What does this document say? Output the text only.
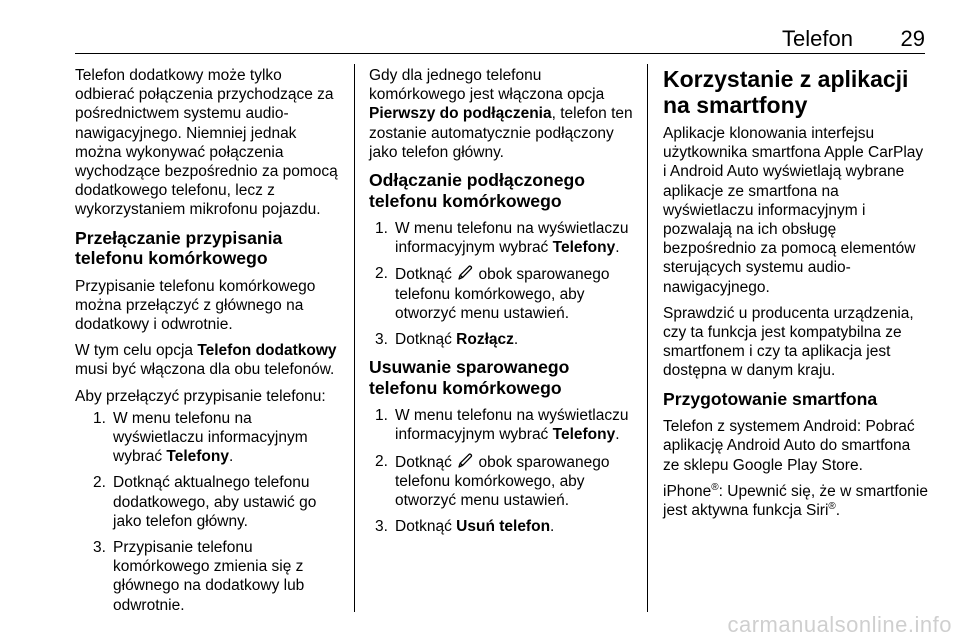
Telefon 29

Telefon dodatkowy może tylko odbierać połączenia przychodzące za pośrednictwem systemu audio-nawigacyjnego. Niemniej jednak można wykonywać połączenia wychodzące bezpośrednio za pomocą dodatkowego telefonu, lecz z wykorzystaniem mikrofonu pojazdu.

Przełączanie przypisania telefonu komórkowego

Przypisanie telefonu komórkowego można przełączyć z głównego na dodatkowy i odwrotnie.

W tym celu opcja Telefon dodatkowy musi być włączona dla obu telefonów.

Aby przełączyć przypisanie telefonu:

1. W menu telefonu na wyświetlaczu informacyjnym wybrać Telefony.
2. Dotknąć aktualnego telefonu dodatkowego, aby ustawić go jako telefon główny.
3. Przypisanie telefonu komórkowego zmienia się z głównego na dodatkowy lub odwrotnie.

Gdy dla jednego telefonu komórkowego jest włączona opcja Pierwszy do podłączenia, telefon ten zostanie automatycznie podłączony jako telefon główny.

Odłączanie podłączonego telefonu komórkowego
1. W menu telefonu na wyświetlaczu informacyjnym wybrać Telefony.
2. Dotknąć  obok sparowanego telefonu komórkowego, aby otworzyć menu ustawień.
3. Dotknąć Rozłącz.
Usuwanie sparowanego telefonu komórkowego
1. W menu telefonu na wyświetlaczu informacyjnym wybrać Telefony.
2. Dotknąć  obok sparowanego telefonu komórkowego, aby otworzyć menu ustawień.
3. Dotknąć Usuń telefon.
Korzystanie z aplikacji na smartfony

Aplikacje klonowania interfejsu użytkownika smartfona Apple CarPlay i Android Auto wyświetlają wybrane aplikacje ze smartfona na wyświetlaczu informacyjnym i pozwalają na ich obsługę bezpośrednio za pomocą elementów sterujących systemu audio-nawigacyjnego.

Sprawdzić u producenta urządzenia, czy ta funkcja jest kompatybilna ze smartfonem i czy ta aplikacja jest dostępna w danym kraju.

Przygotowanie smartfona

Telefon z systemem Android: Pobrać aplikację Android Auto do smartfona ze sklepu Google Play Store.

iPhone®: Upewnić się, że w smartfonie jest aktywna funkcja Siri®.

carmanualsonline.info
